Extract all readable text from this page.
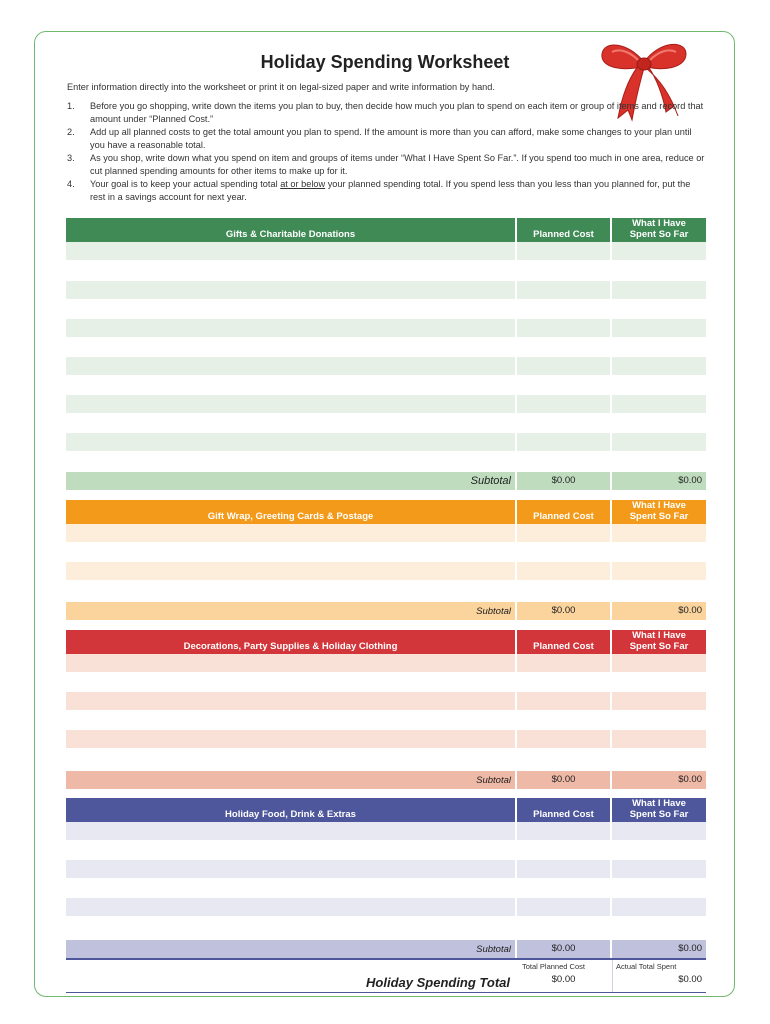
Holiday Spending Worksheet
Enter information directly into the worksheet or print it on legal-sized paper and write information by hand.
1. Before you go shopping, write down the items you plan to buy, then decide how much you plan to spend on each item or group of items and record that amount under “Planned Cost.”
2. Add up all planned costs to get the total amount you plan to spend. If the amount is more than you can afford, make some changes to your plan until you have a reasonable total.
3. As you shop, write down what you spend on item and groups of items under “What I Have Spent So Far.”. If you spend too much in one area, reduce or cut planned spending amounts for other items to make up for it.
4. Your goal is to keep your actual spending total at or below your planned spending total. If you spend less than you less than you planned for, put the rest in a savings account for next year.
Gifts & Charitable Donations	Planned Cost
What I Have
Spent So Far
Subtotal	$0.00	$0.00
Gift Wrap, Greeting Cards & Postage	Planned Cost
What I Have
Spent So Far
Subtotal	$0.00	$0.00
Decorations, Party Supplies & Holiday Clothing	Planned Cost
What I Have
Spent So Far
Subtotal	$0.00	$0.00
Holiday Food, Drink & Extras	Planned Cost
What I Have
Spent So Far
Subtotal	$0.00	$0.00
Holiday Spending Total
Total Planned Cost	Actual Total Spent
$0.00	$0.00
